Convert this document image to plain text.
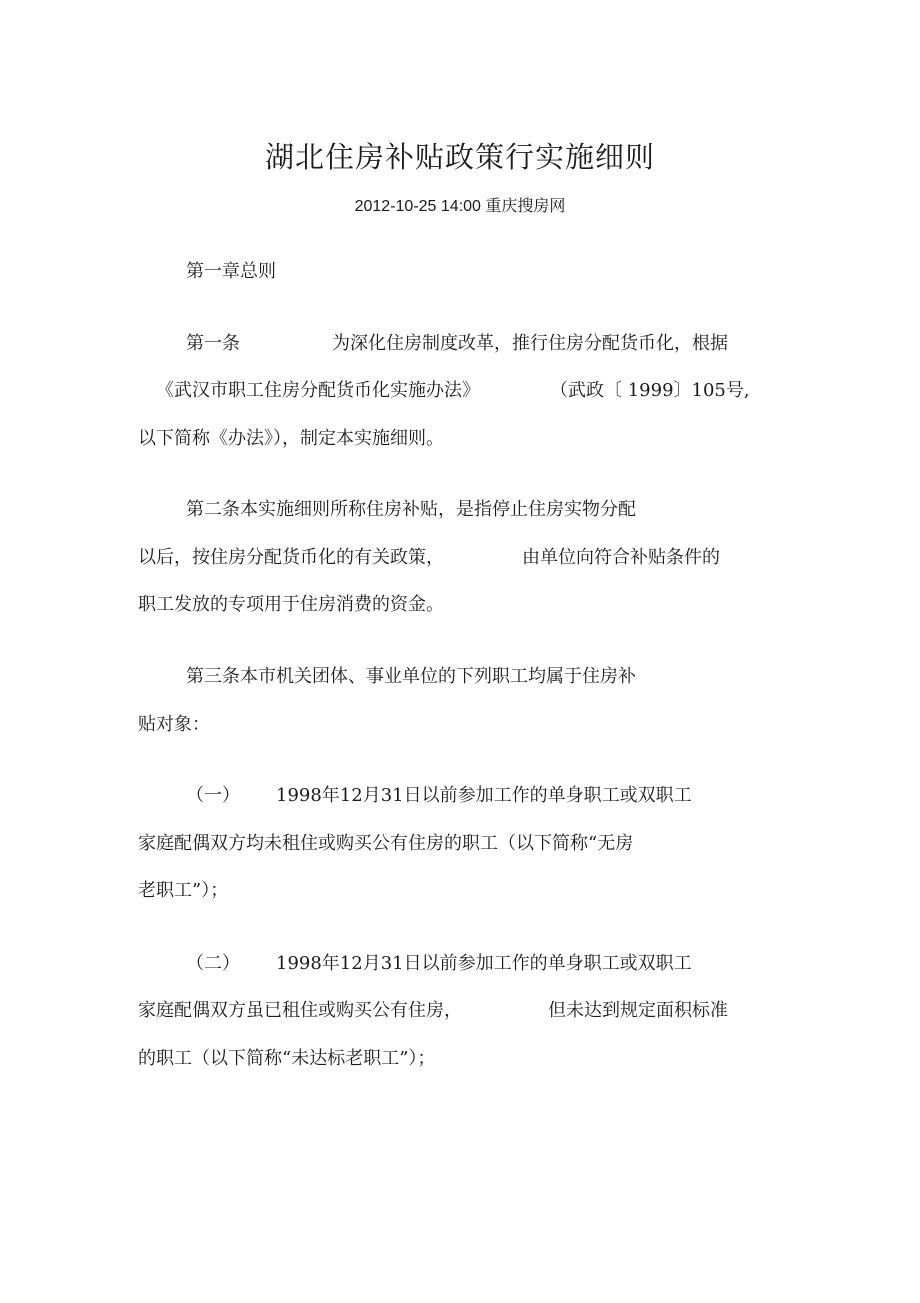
湖北住房补贴政策行实施细则
2012-10-25 14:00 重庆搜房网
第一章总则
第一条	为深化住房制度改革，推行住房分配货币化，根据
《武汉市职工住房分配货币化实施办法》	（武政〔 1999〕105号,
以下简称《办法》），制定本实施细则。
第二条本实施细则所称住房补贴，是指停止住房实物分配
以后，按住房分配货币化的有关政策，	由单位向符合补贴条件的
职工发放的专项用于住房消费的资金。
第三条本市机关团体、事业单位的下列职工均属于住房补
贴对象：
（一） 1998年12月31日以前参加工作的单身职工或双职工
家庭配偶双方均未租住或购买公有住房的职工（以下简称“无房
老职工”）；
（二） 1998年12月31日以前参加工作的单身职工或双职工
家庭配偶双方虽已租住或购买公有住房，	但未达到规定面积标准
的职工（以下简称“未达标老职工”）；
